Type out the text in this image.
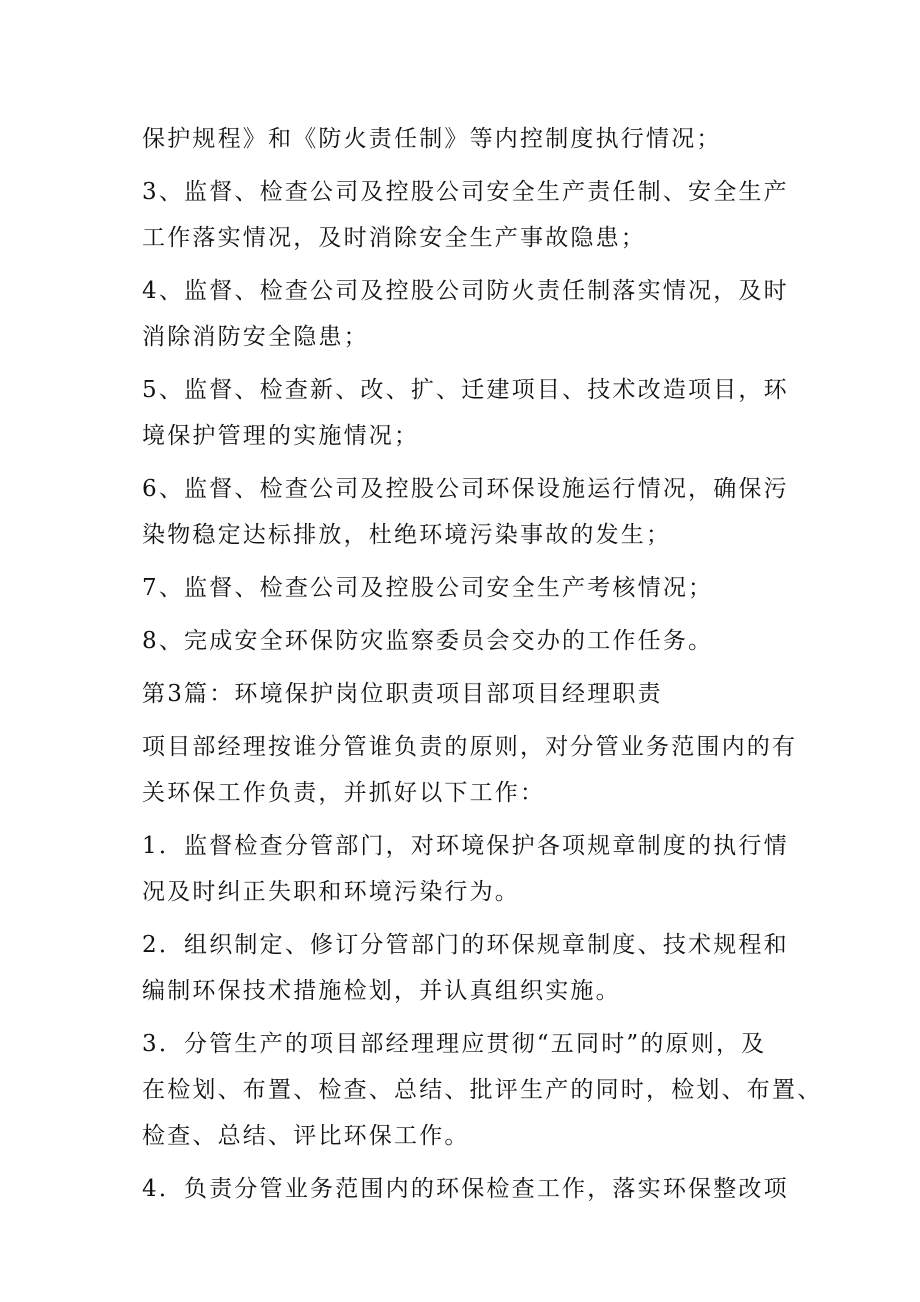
保护规程》和《防火责任制》等内控制度执行情况；

3、监督、检查公司及控股公司安全生产责任制、安全生产

工作落实情况，及时消除安全生产事故隐患；

4、监督、检查公司及控股公司防火责任制落实情况，及时

消除消防安全隐患；

5、监督、检查新、改、扩、迁建项目、技术改造项目，环

境保护管理的实施情况；

6、监督、检查公司及控股公司环保设施运行情况，确保污

染物稳定达标排放，杜绝环境污染事故的发生；

7、监督、检查公司及控股公司安全生产考核情况；

8、完成安全环保防灾监察委员会交办的工作任务。

第3篇：环境保护岗位职责项目部项目经理职责

项目部经理按谁分管谁负责的原则，对分管业务范围内的有

关环保工作负责，并抓好以下工作：

1．监督检查分管部门，对环境保护各项规章制度的执行情

况及时纠正失职和环境污染行为。

2．组织制定、修订分管部门的环保规章制度、技术规程和

编制环保技术措施检划，并认真组织实施。

3．分管生产的项目部经理理应贯彻“五同时”的原则，及

在检划、布置、检查、总结、批评生产的同时，检划、布置、

检查、总结、评比环保工作。

4．负责分管业务范围内的环保检查工作，落实环保整改项
